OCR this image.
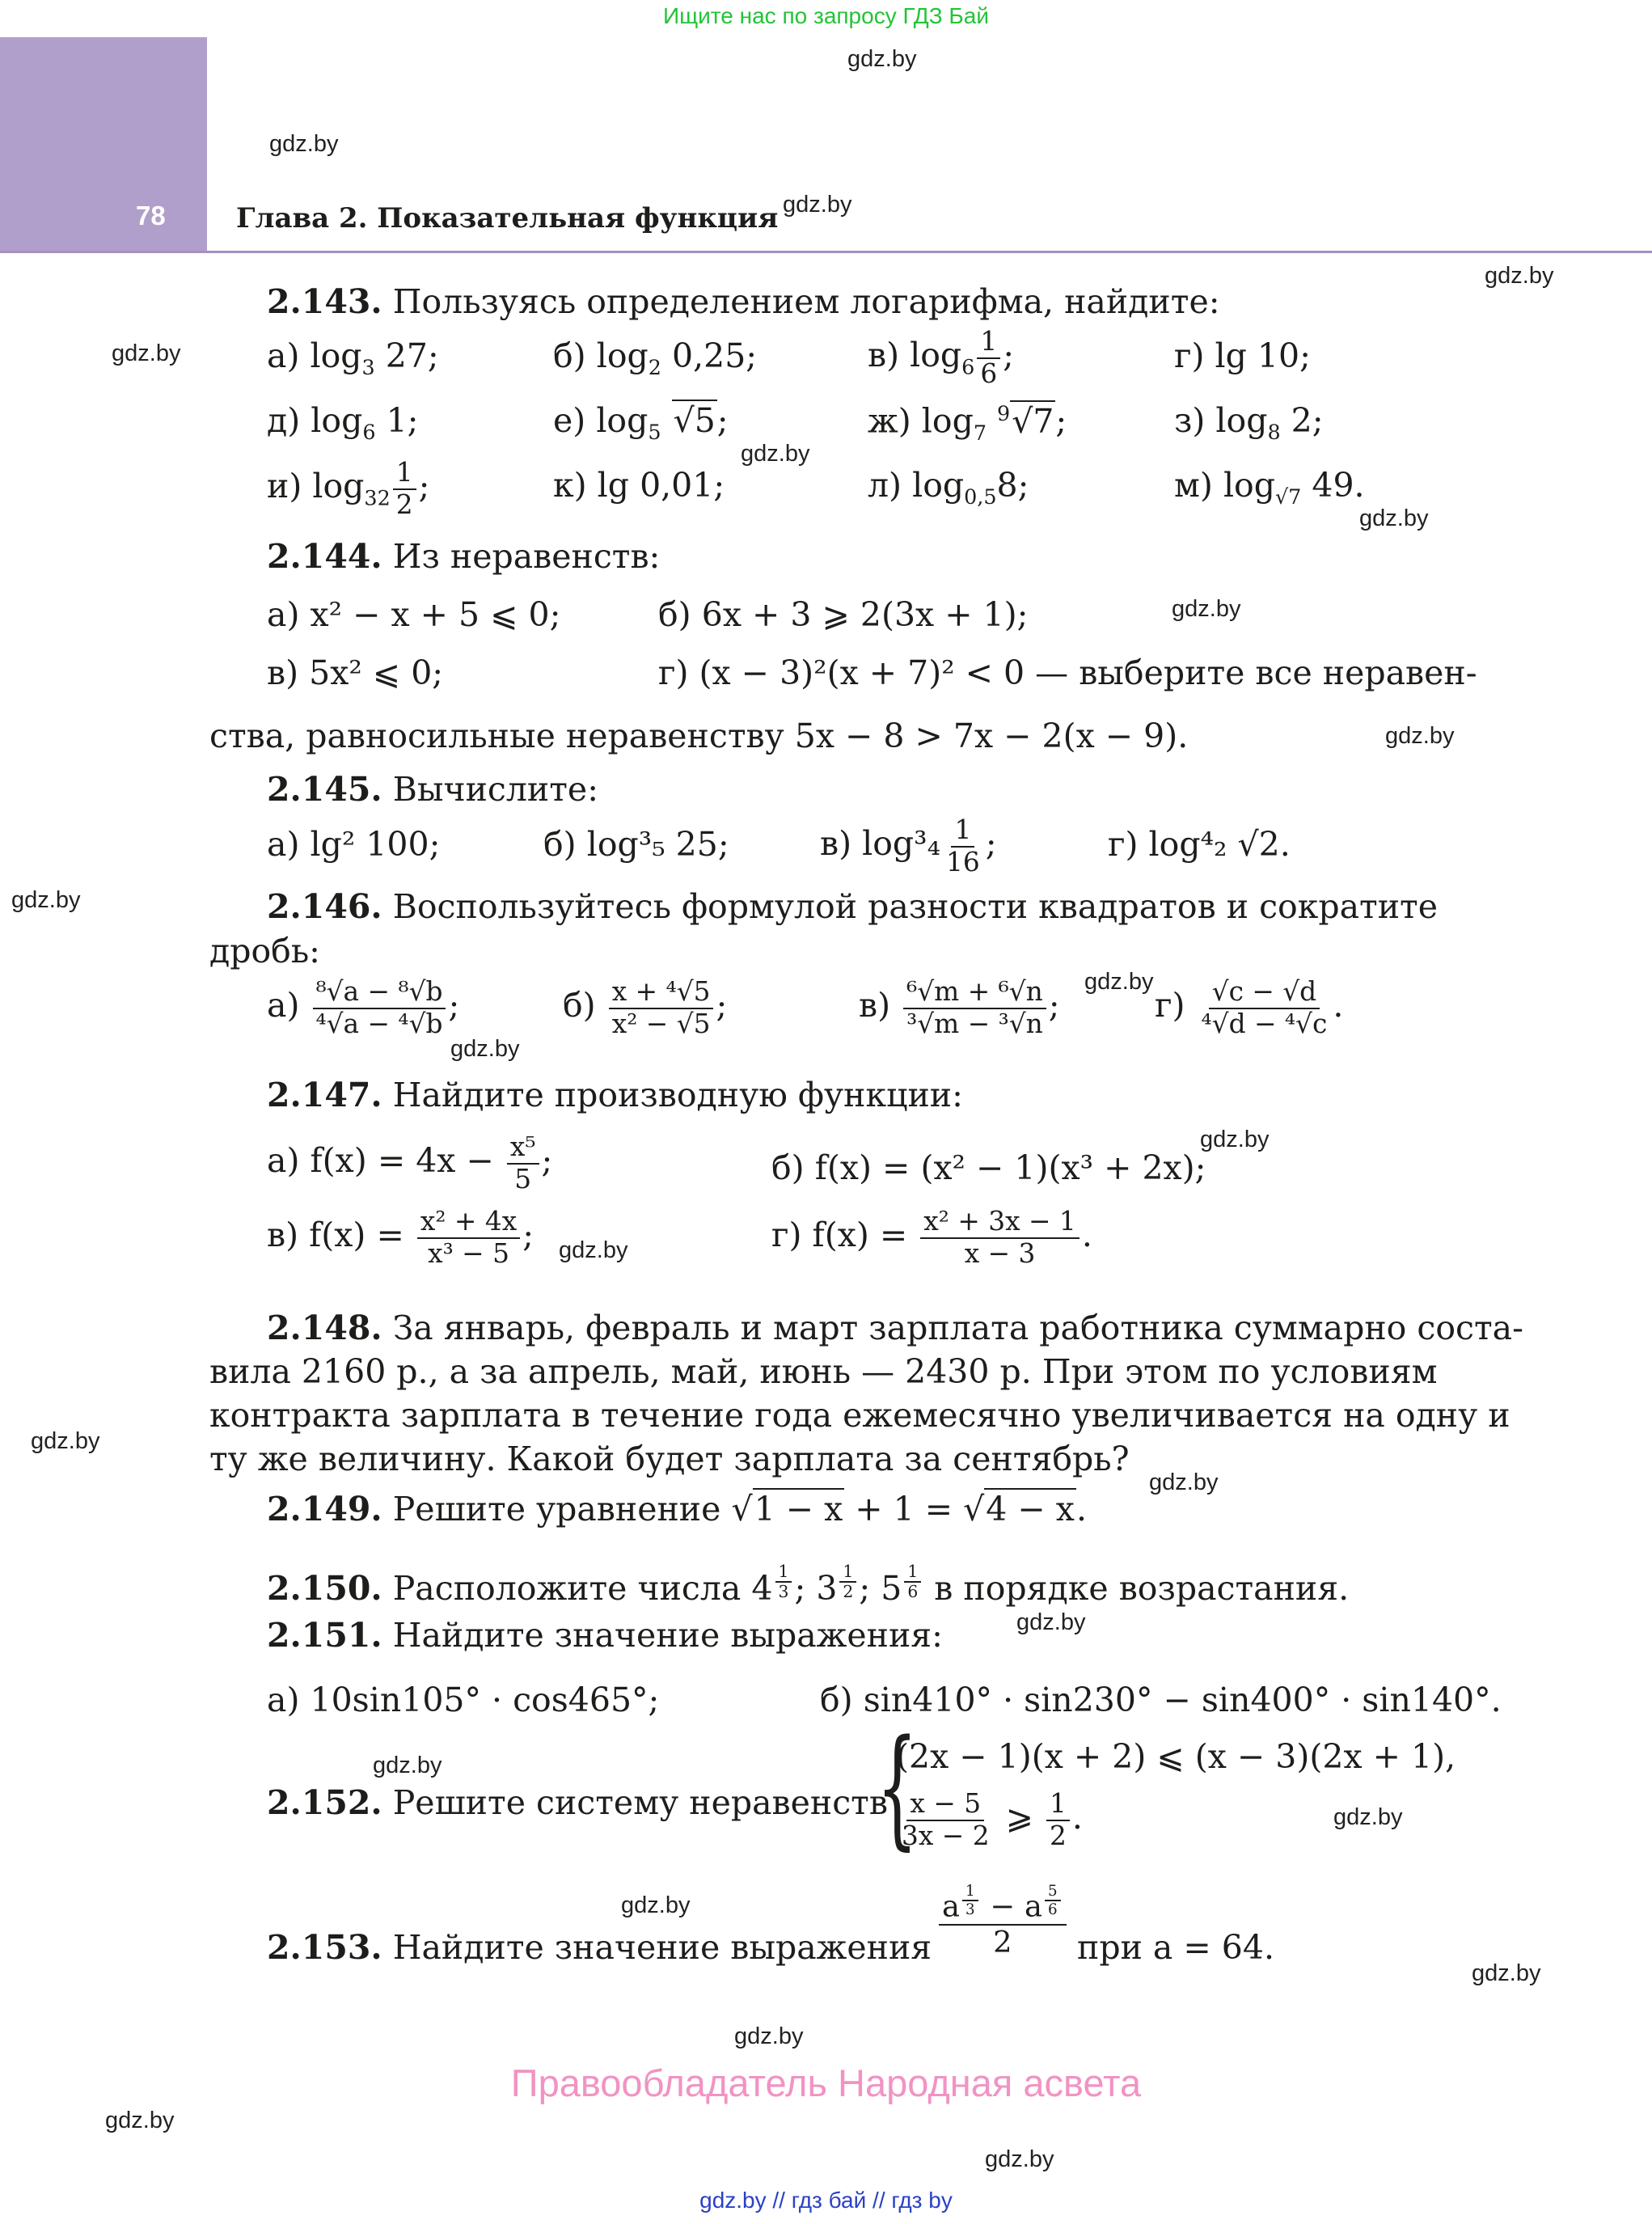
Ищите нас по запросу ГДЗ Бай
78	Глава 2. Показательная функция
gdz.by
gdz.by
gdz.by
gdz.by
gdz.by
gdz.by
gdz.by
gdz.by
gdz.by
gdz.by
gdz.by
gdz.by
gdz.by
gdz.by
gdz.by
gdz.by
gdz.by
gdz.by
gdz.by
gdz.by
gdz.by
gdz.by
gdz.by
gdz.by
2.143. Пользуясь определением логарифма, найдите:
а) $\log_3 27$;	б) $\log_2 0,25$;	в) $\log_6 \frac{1}{6}$ ;	г) lg 10;
д) $\log_6 1$;	е) $\log_5 √5$;	ж) $\log_7 ^9√7$;	з) $\log_8 2$;
и) $\log_{32} \frac{1}{2}$ ;	к) lg 0,01;	л) $\log_{0,5}8$;	м) $\log_{√7} 49$.
2.144. Из неравенств:
а) x² − x + 5 ⩽ 0;	б) 6x + 3 ⩾ 2(3x + 1);
в) 5x² ⩽ 0;	г) (x − 3)²(x + 7)² < 0 — выберите все неравен-
ства, равносильные неравенству 5x − 8 > 7x − 2(x − 9).
2.145. Вычислите:
а) lg² 100;	б) log³₅ 25;	в) $\log^3_4 \frac{1}{16}$ ;	г) log⁴₂ √2.
2.146. Воспользуйтесь формулой разности квадратов и сократите
дробь:
$а) \frac{\text{⁸√a − ⁸√b}}{\text{⁴√a − ⁴√b}}$ ;	$б) \frac{\text{x + ⁴√5}}{\text{x² − √5}}$ ;	$в) \frac{\text{⁶√m + ⁶√n}}{\text{³√m − ³√n}}$ ;	$г) \frac{√c - √d}{\text{⁴√d − ⁴√c}}$ .
2.147. Найдите производную функции:
а) $f(x) = 4x - \frac{\text{x⁵}}{5}$ ;	б) f(x) = (x² − 1)(x³ + 2x);
в) $f(x) = \frac{\text{x² + 4x}}{\text{x³ − 5}}$ ;	г) $f(x) = \frac{\text{x² + 3x − 1}}{x - 3}$ .
2.148. За январь, февраль и март зарплата работника суммарно соста-
вила 2160 р., а за апрель, май, июнь — 2430 р. При этом по условиям
контракта зарплата в течение года ежемесячно увеличивается на одну и
ту же величину. Какой будет зарплата за сентябрь?
2.149. Решите уравнение √1 − x + 1 = √4 − x.
2.150. Расположите числа 4 $^{\frac{1}{3}}$ ; 3 $^{\frac{1}{2}}$ ; 5 $^{\frac{1}{6}}$ в порядке возрастания.
2.151. Найдите значение выражения:
а) 10sin105° · cos465°;	б) sin410° · sin230° − sin400° · sin140°.
2.152. Решите систему неравенств
{
(2x − 1)(x + 2) ⩽ (x − 3)(2x + 1),
$\frac{x - 5}{3x - 2}$ ⩾ $\frac{1}{2}$ .
2.153. Найдите значение выражения a $^{\frac{1}{3}}$ − a $^{\frac{5}{6}}$
2 при a = 64.
Правообладатель Народная асвета
gdz.by // гдз бай // гдз by
